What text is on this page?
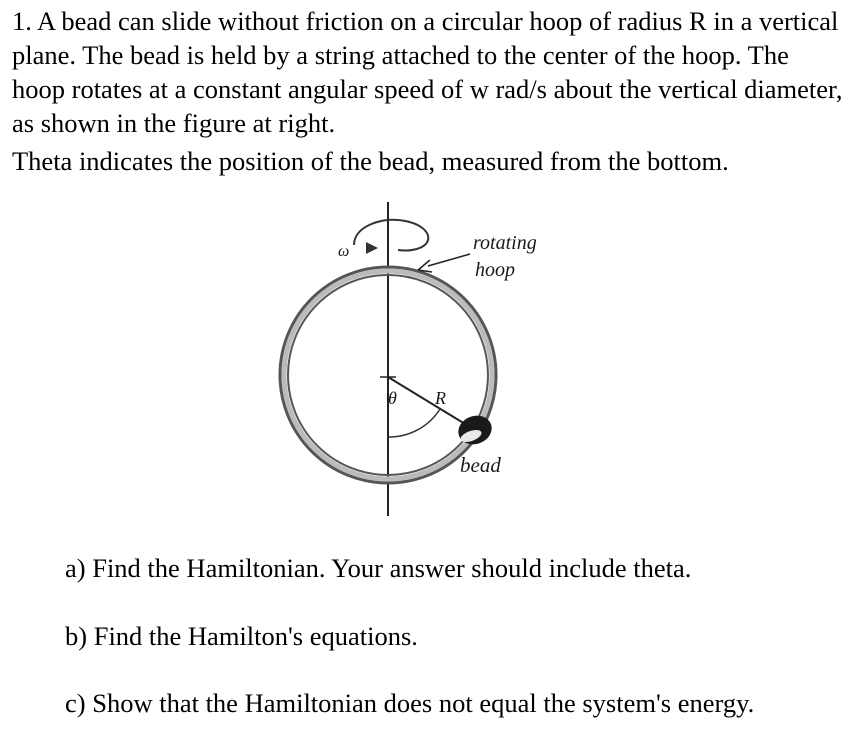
1. A bead can slide without friction on a circular hoop of radius R in a vertical plane. The bead is held by a string attached to the center of the hoop. The hoop rotates at a constant angular speed of w rad/s about the vertical diameter, as shown in the figure at right.

Theta indicates the position of the bead, measured from the bottom.

ω	rotating
hoop
θ R
bead

a) Find the Hamiltonian. Your answer should include theta.

b) Find the Hamilton's equations.

c) Show that the Hamiltonian does not equal the system's energy.
